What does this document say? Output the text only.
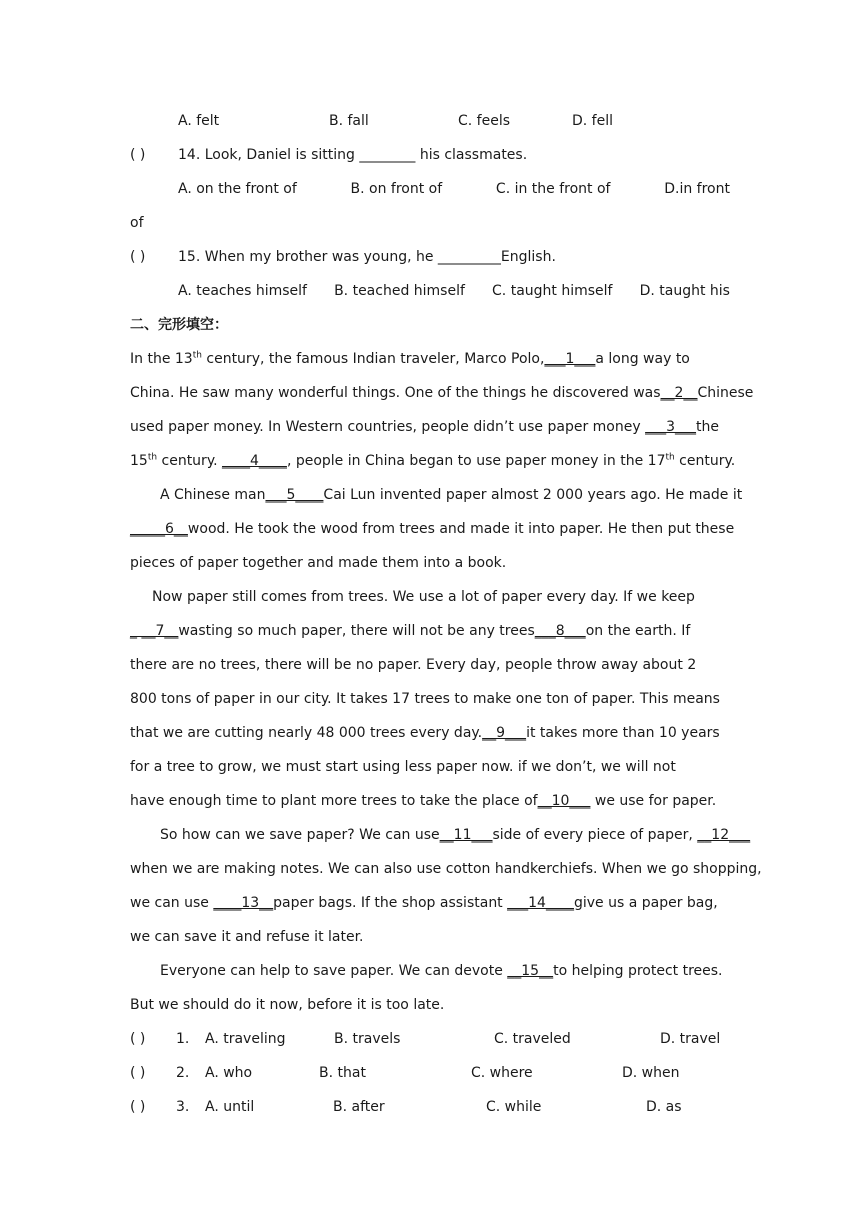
A. felt	B. fall	C. feels	D. fell
( ) 14. Look, Daniel is sitting ________ his classmates.
A. on the front of	B. on front of	C. in the front of	D.in front
of
( ) 15. When my brother was young, he _________English.
A. teaches himself B. teached himself C. taught himself D. taught his
二、完形填空：
In the 13th century, the famous Indian traveler, Marco Polo,___1___a long way to
China. He saw many wonderful things. One of the things he discovered was__2__Chinese
used paper money. In Western countries, people didn’t use paper money ___3___the
15th century. ____4____, people in China began to use paper money in the 17th century.
A Chinese man___5____Cai Lun invented paper almost 2 000 years ago. He made it
_____6__wood. He took the wood from trees and made it into paper. He then put these
pieces of paper together and made them into a book.
Now paper still comes from trees. We use a lot of paper every day. If we keep
_ __7__wasting so much paper, there will not be any trees___8___on the earth. If
there are no trees, there will be no paper. Every day, people throw away about 2
800 tons of paper in our city. It takes 17 trees to make one ton of paper. This means
that we are cutting nearly 48 000 trees every day.__9___it takes more than 10 years
for a tree to grow, we must start using less paper now. if we don’t, we will not
have enough time to plant more trees to take the place of__10___ we use for paper.
So how can we save paper? We can use__11___side of every piece of paper, __12___
when we are making notes. We can also use cotton handkerchiefs. When we go shopping,
we can use ____13__paper bags. If the shop assistant ___14____give us a paper bag,
we can save it and refuse it later.
Everyone can help to save paper. We can devote __15__to helping protect trees.
But we should do it now, before it is too late.
( )	1.	A. traveling	B. travels	C. traveled	D. travel
( )	2.	A. who	B. that	C. where	D. when
( )	3.	A. until	B. after	C. while	D. as
